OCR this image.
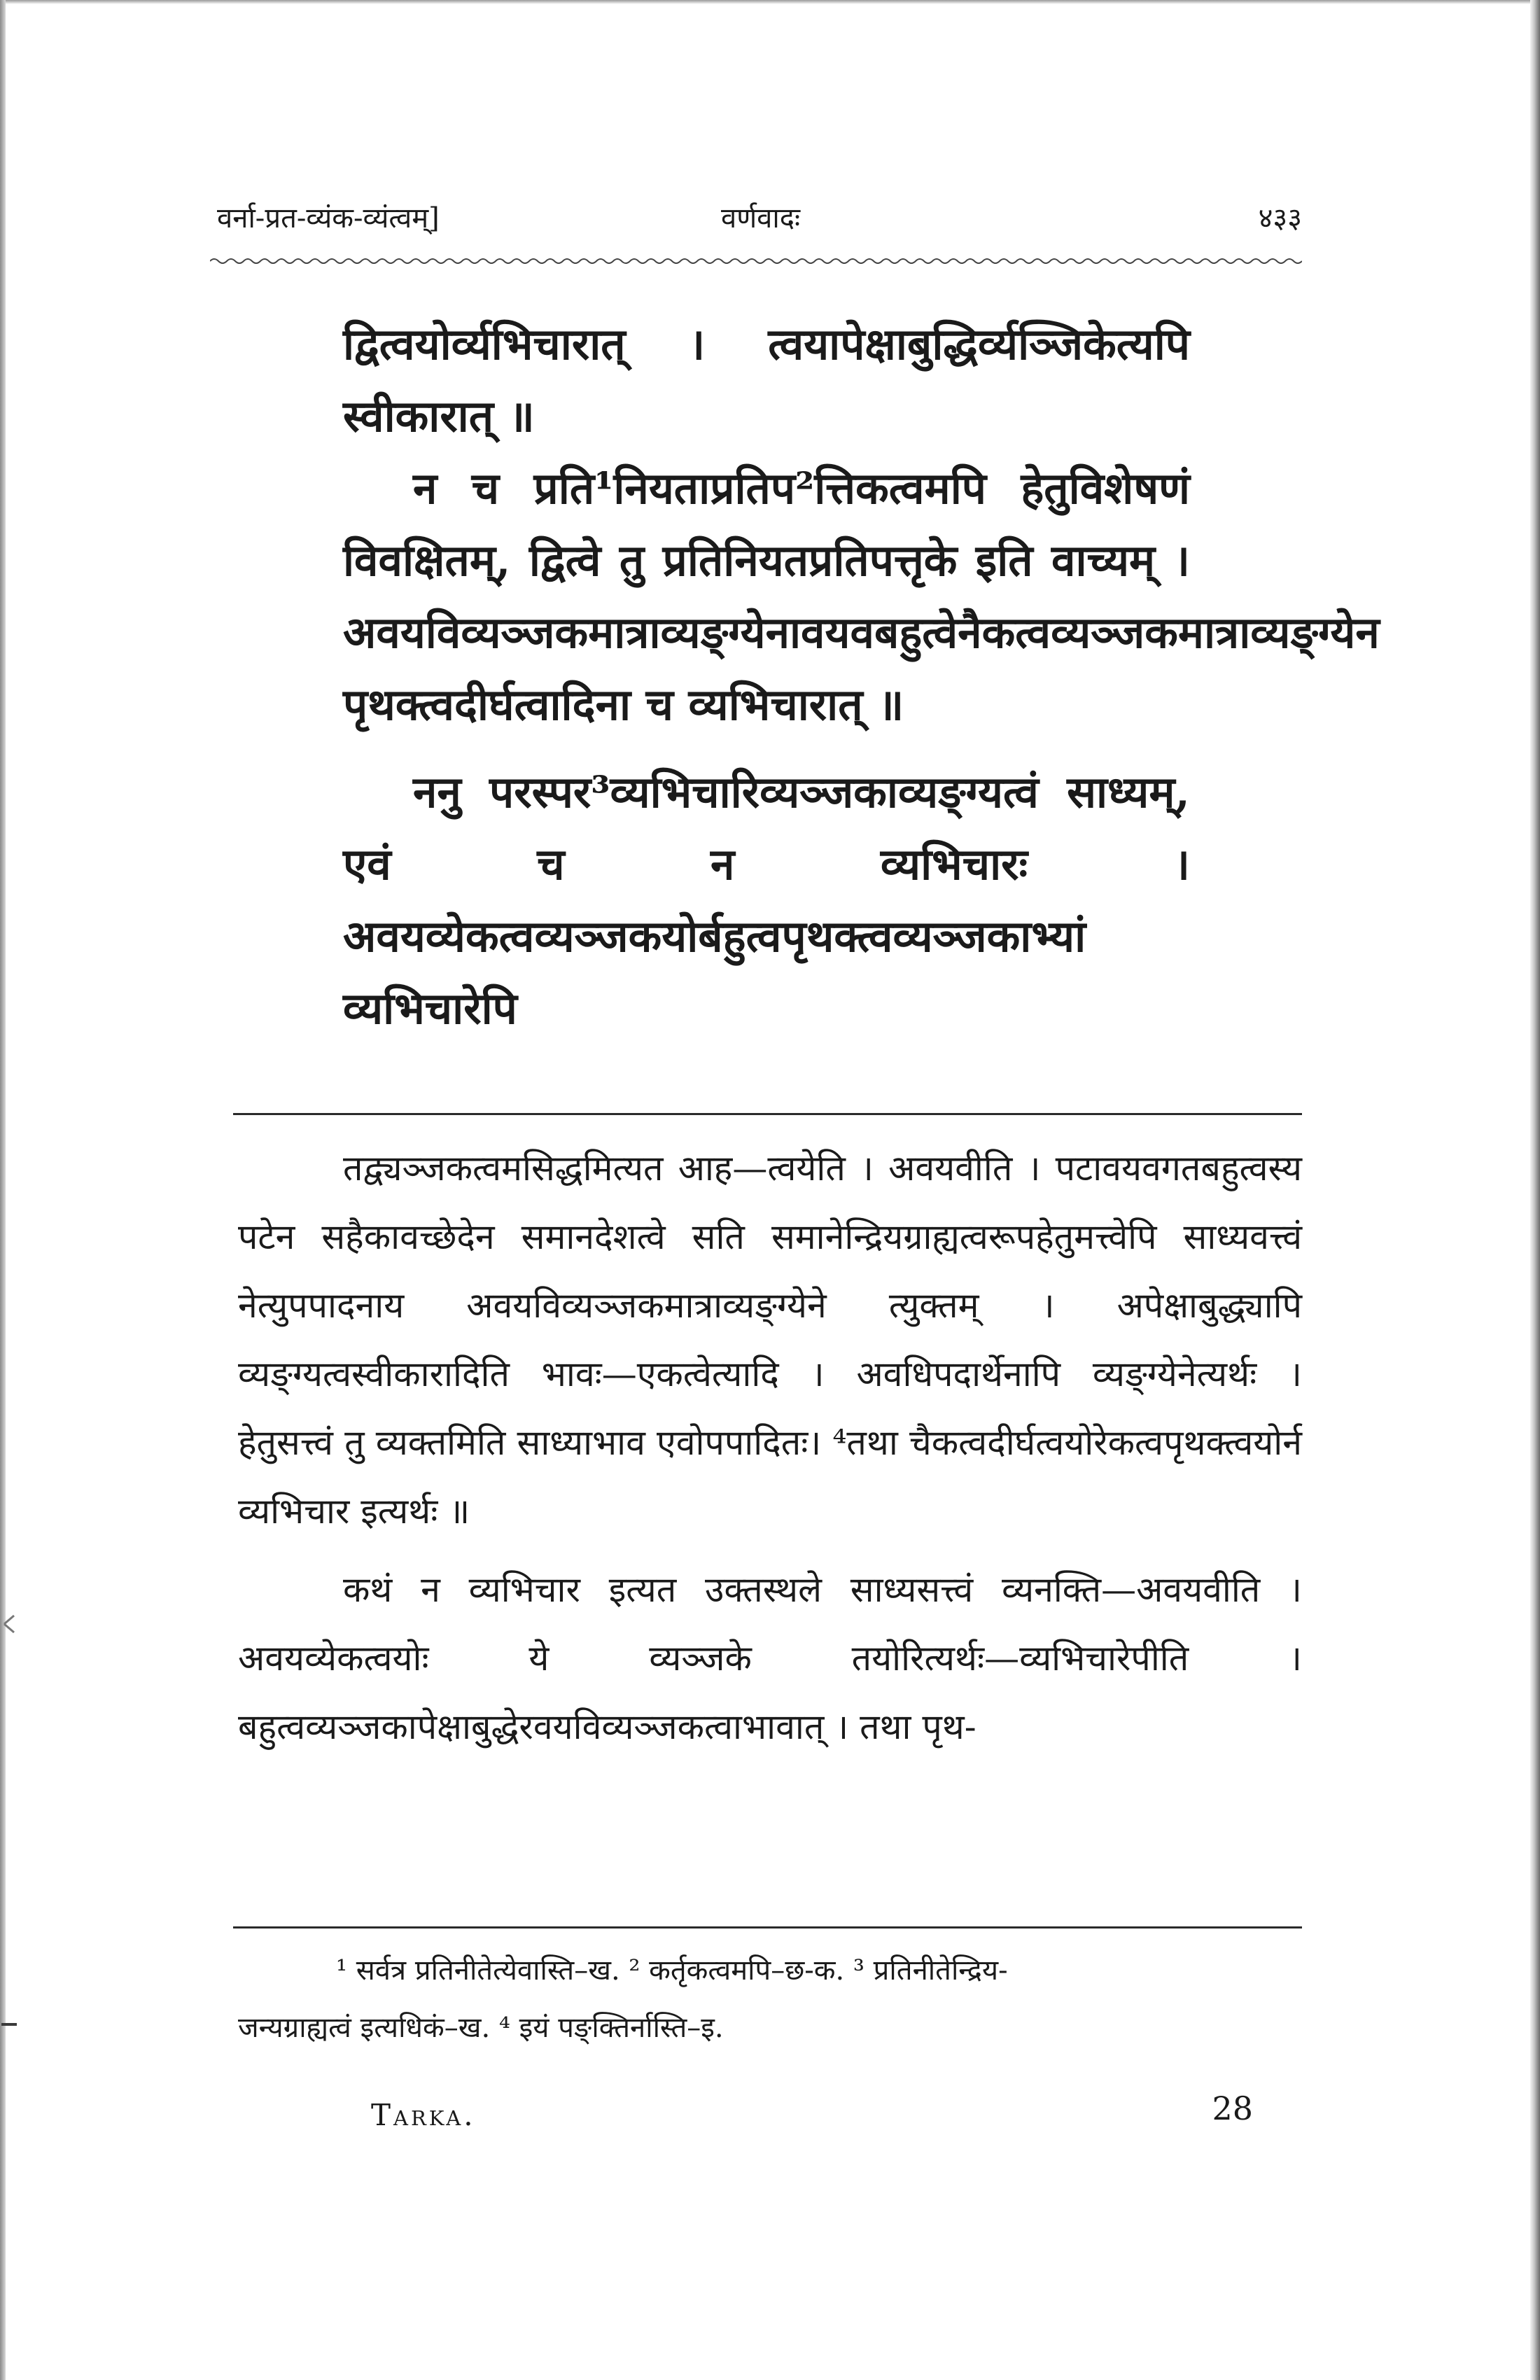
वर्ना-प्रत-व्यंक-व्यंत्वम्]	वर्णवादः	४३३

द्वित्वयोर्व्यभिचारात् । त्वयापेक्षाबुद्धिर्व्यञ्जिकेत्यपि स्वीकारात् ॥

न च प्रति¹नियताप्रतिप²त्तिकत्वमपि हेतुविशेषणं विवक्षितम्, द्वित्वे तु प्रतिनियतप्रतिपत्तृके इति वाच्यम् । अवयविव्यञ्जकमात्राव्यङ्ग्येनावयवबहुत्वेनैकत्वव्यञ्जकमात्राव्यङ्ग्येन पृथक्त्वदीर्घत्वादिना च व्यभिचारात् ॥

ननु परस्पर³व्यभिचारिव्यञ्जकाव्यङ्ग्यत्वं साध्यम्, एवं च न व्यभिचारः । अवयव्येकत्वव्यञ्जकयोर्बहुत्वपृथक्त्वव्यञ्जकाभ्यां व्यभिचारेपि

तद्व्यञ्जकत्वमसिद्धमित्यत आह—त्वयेति । अवयवीति । पटावयवगतबहुत्वस्य पटेन सहैकावच्छेदेन समानदेशत्वे सति समानेन्द्रियग्राह्यत्वरूपहेतुमत्त्वेपि साध्यवत्त्वं नेत्युपपादनाय अवयविव्यञ्जकमात्राव्यङ्ग्येने त्युक्तम् । अपेक्षाबुद्ध्यापि व्यङ्ग्यत्वस्वीकारादिति भावः—एकत्वेत्यादि । अवधिपदार्थेनापि व्यङ्ग्येनेत्यर्थः । हेतुसत्त्वं तु व्यक्तमिति साध्याभाव एवोपपादितः। ⁴तथा चैकत्वदीर्घत्वयोरेकत्वपृथक्त्वयोर्न व्यभिचार इत्यर्थः ॥

कथं न व्यभिचार इत्यत उक्तस्थले साध्यसत्त्वं व्यनक्ति—अवयवीति । अवयव्येकत्वयोः ये व्यञ्जके तयोरित्यर्थः—व्यभिचारेपीति । बहुत्वव्यञ्जकापेक्षाबुद्धेरवयविव्यञ्जकत्वाभावात् । तथा पृथ-

¹ सर्वत्र प्रतिनीतेत्येवास्ति–ख. ² कर्तृकत्वमपि–छ-क. ³ प्रतिनीतेन्द्रिय-

जन्यग्राह्यत्वं इत्यधिकं–ख. ⁴ इयं पङ्क्तिर्नास्ति–इ.

Tarka.	28
